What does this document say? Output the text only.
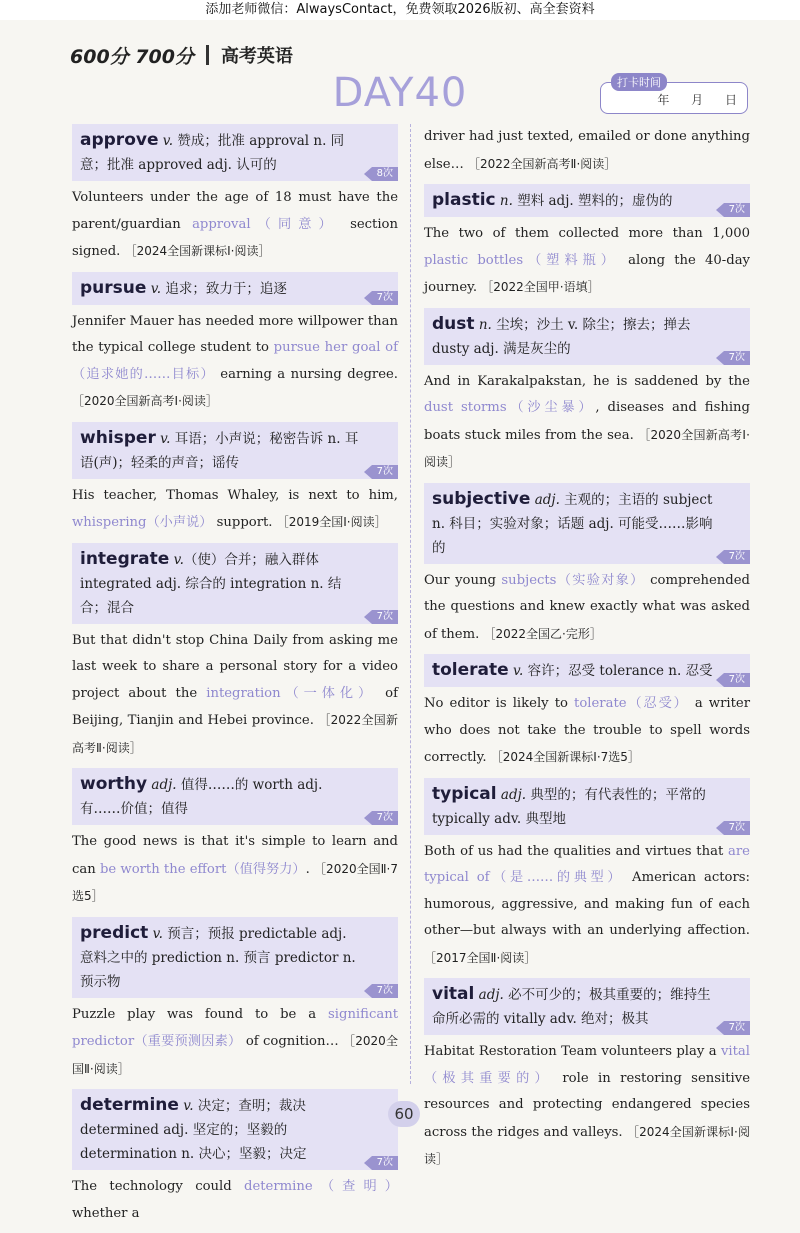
添加老师微信：AlwaysContact，免费领取2026版初、高全套资料
600分 700分 高考英语
DAY40	打卡时间
年 月 日
approve v. 赞成；批准 approval n. 同意；批准 approved adj. 认可的
8次

Volunteers under the age of 18 must have the parent/guardian approval（同意） section signed. ［2024全国新课标Ⅰ·阅读］

pursue v. 追求；致力于；追逐
7次

Jennifer Mauer has needed more willpower than the typical college student to pursue her goal of（追求她的……目标） earning a nursing degree. ［2020全国新高考Ⅰ·阅读］

whisper v. 耳语；小声说；秘密告诉 n. 耳语(声)；轻柔的声音；谣传
7次

His teacher, Thomas Whaley, is next to him, whispering（小声说） support. ［2019全国Ⅰ·阅读］

integrate v.（使）合并；融入群体 integrated adj. 综合的 integration n. 结合；混合
7次

But that didn't stop China Daily from asking me last week to share a personal story for a video project about the integration（一体化） of Beijing, Tianjin and Hebei province. ［2022全国新高考Ⅱ·阅读］

worthy adj. 值得……的 worth adj. 有……价值；值得
7次

The good news is that it's simple to learn and can be worth the effort（值得努力）. ［2020全国Ⅱ·7选5］

predict v. 预言；预报 predictable adj. 意料之中的 prediction n. 预言 predictor n. 预示物
7次

Puzzle play was found to be a significant predictor（重要预测因素） of cognition… ［2020全国Ⅱ·阅读］

determine v. 决定；查明；裁决 determined adj. 坚定的；坚毅的 determination n. 决心；坚毅；决定
7次

The technology could determine（查明） whether a

driver had just texted, emailed or done anything else… ［2022全国新高考Ⅱ·阅读］

plastic n. 塑料 adj. 塑料的；虚伪的
7次

The two of them collected more than 1,000 plastic bottles（塑料瓶） along the 40-day journey. ［2022全国甲·语填］

dust n. 尘埃；沙土 v. 除尘；擦去；掸去 dusty adj. 满是灰尘的
7次

And in Karakalpakstan, he is saddened by the dust storms（沙尘暴）, diseases and fishing boats stuck miles from the sea. ［2020全国新高考Ⅰ·阅读］

subjective adj. 主观的；主语的 subject n. 科目；实验对象；话题 adj. 可能受……影响的
7次

Our young subjects（实验对象） comprehended the questions and knew exactly what was asked of them. ［2022全国乙·完形］

tolerate v. 容许；忍受 tolerance n. 忍受
7次

No editor is likely to tolerate（忍受） a writer who does not take the trouble to spell words correctly. ［2024全国新课标Ⅰ·7选5］

typical adj. 典型的；有代表性的；平常的 typically adv. 典型地
7次

Both of us had the qualities and virtues that are typical of（是……的典型） American actors: humorous, aggressive, and making fun of each other—but always with an underlying affection. ［2017全国Ⅱ·阅读］

vital adj. 必不可少的；极其重要的；维持生命所必需的 vitally adv. 绝对；极其
7次

Habitat Restoration Team volunteers play a vital（极其重要的） role in restoring sensitive resources and protecting endangered species across the ridges and valleys. ［2024全国新课标Ⅰ·阅读］

60
